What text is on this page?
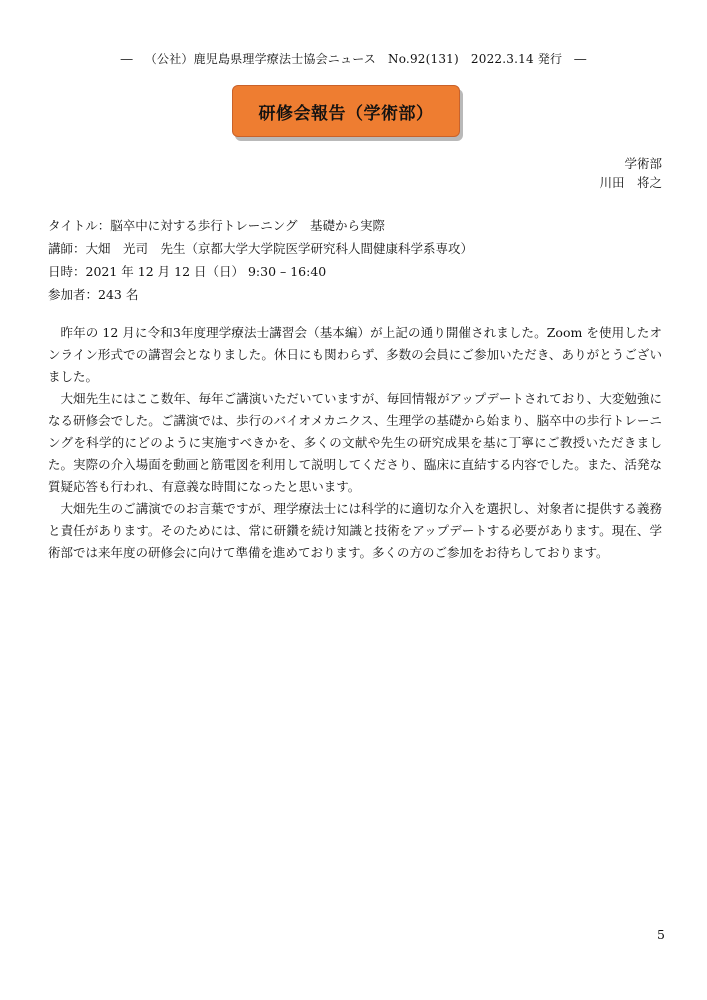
― （公社）鹿児島県理学療法士協会ニュース No.92(131) 2022.3.14 発行 ―
研修会報告（学術部）
学術部
川田　将之
タイトル：脳卒中に対する歩行トレーニング　基礎から実際
講師：大畑　光司　先生（京都大学大学院医学研究科人間健康科学系専攻）
日時：2021 年 12 月 12 日（日） 9:30 – 16:40
参加者：243 名

昨年の 12 月に令和3年度理学療法士講習会（基本編）が上記の通り開催されました。Zoom を使用したオンライン形式での講習会となりました。休日にも関わらず、多数の会員にご参加いただき、ありがとうございました。

大畑先生にはここ数年、毎年ご講演いただいていますが、毎回情報がアップデートされており、大変勉強になる研修会でした。ご講演では、歩行のバイオメカニクス、生理学の基礎から始まり、脳卒中の歩行トレーニングを科学的にどのように実施すべきかを、多くの文献や先生の研究成果を基に丁寧にご教授いただきました。実際の介入場面を動画と筋電図を利用して説明してくださり、臨床に直結する内容でした。また、活発な質疑応答も行われ、有意義な時間になったと思います。

大畑先生のご講演でのお言葉ですが、理学療法士には科学的に適切な介入を選択し、対象者に提供する義務と責任があります。そのためには、常に研鑽を続け知識と技術をアップデートする必要があります。現在、学術部では来年度の研修会に向けて準備を進めております。多くの方のご参加をお待ちしております。

5
